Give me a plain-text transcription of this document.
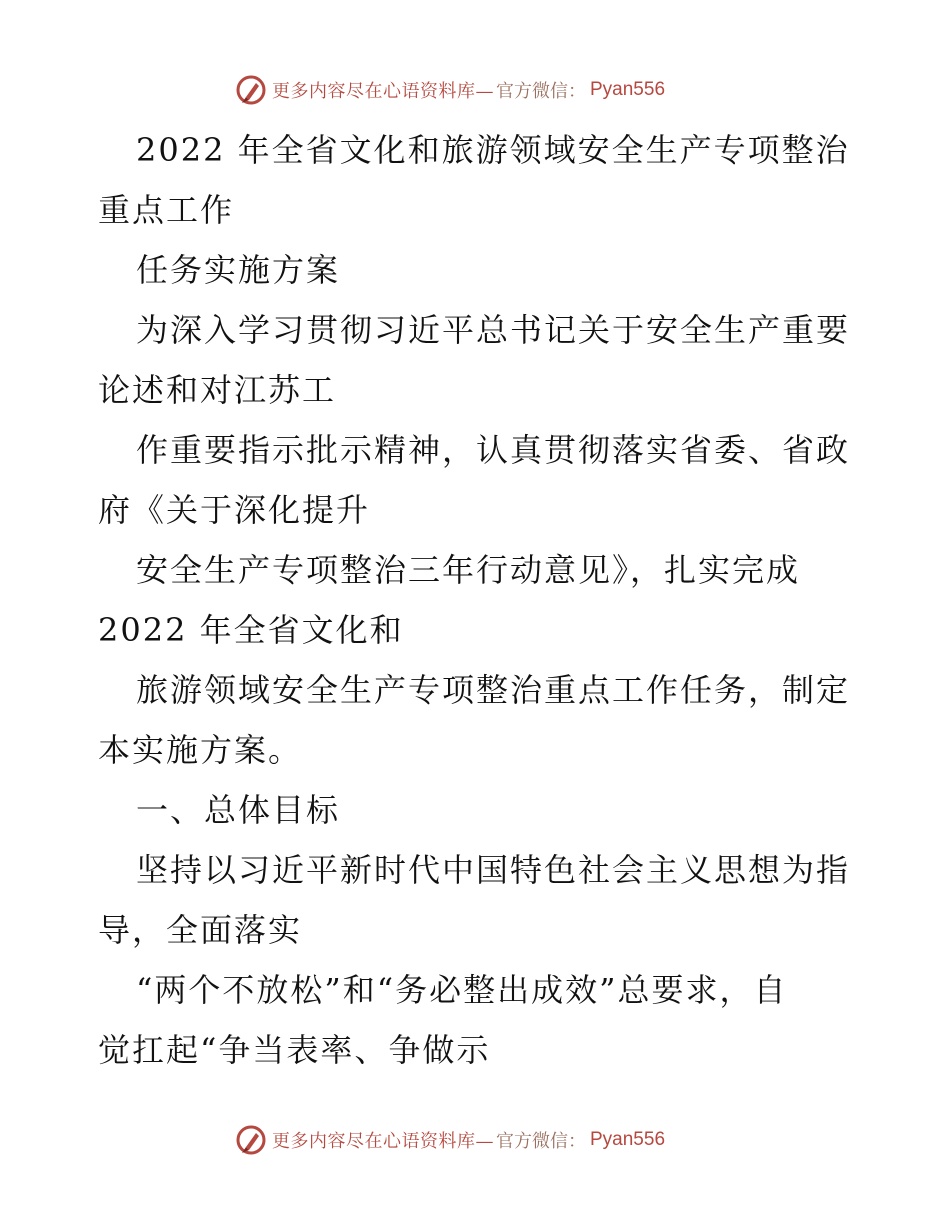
更多内容尽在心语资料库— 官方微信： Pyan556
2022 年全省文化和旅游领域安全生产专项整治
重点工作
任务实施方案
为深入学习贯彻习近平总书记关于安全生产重要
论述和对江苏工
作重要指示批示精神，认真贯彻落实省委、省政
府《关于深化提升
安全生产专项整治三年行动意见》，扎实完成
2022 年全省文化和
旅游领域安全生产专项整治重点工作任务，制定
本实施方案。
一、总体目标
坚持以习近平新时代中国特色社会主义思想为指
导，全面落实
“两个不放松”和“务必整出成效”总要求，自
觉扛起“争当表率、争做示
更多内容尽在心语资料库— 官方微信： Pyan556
